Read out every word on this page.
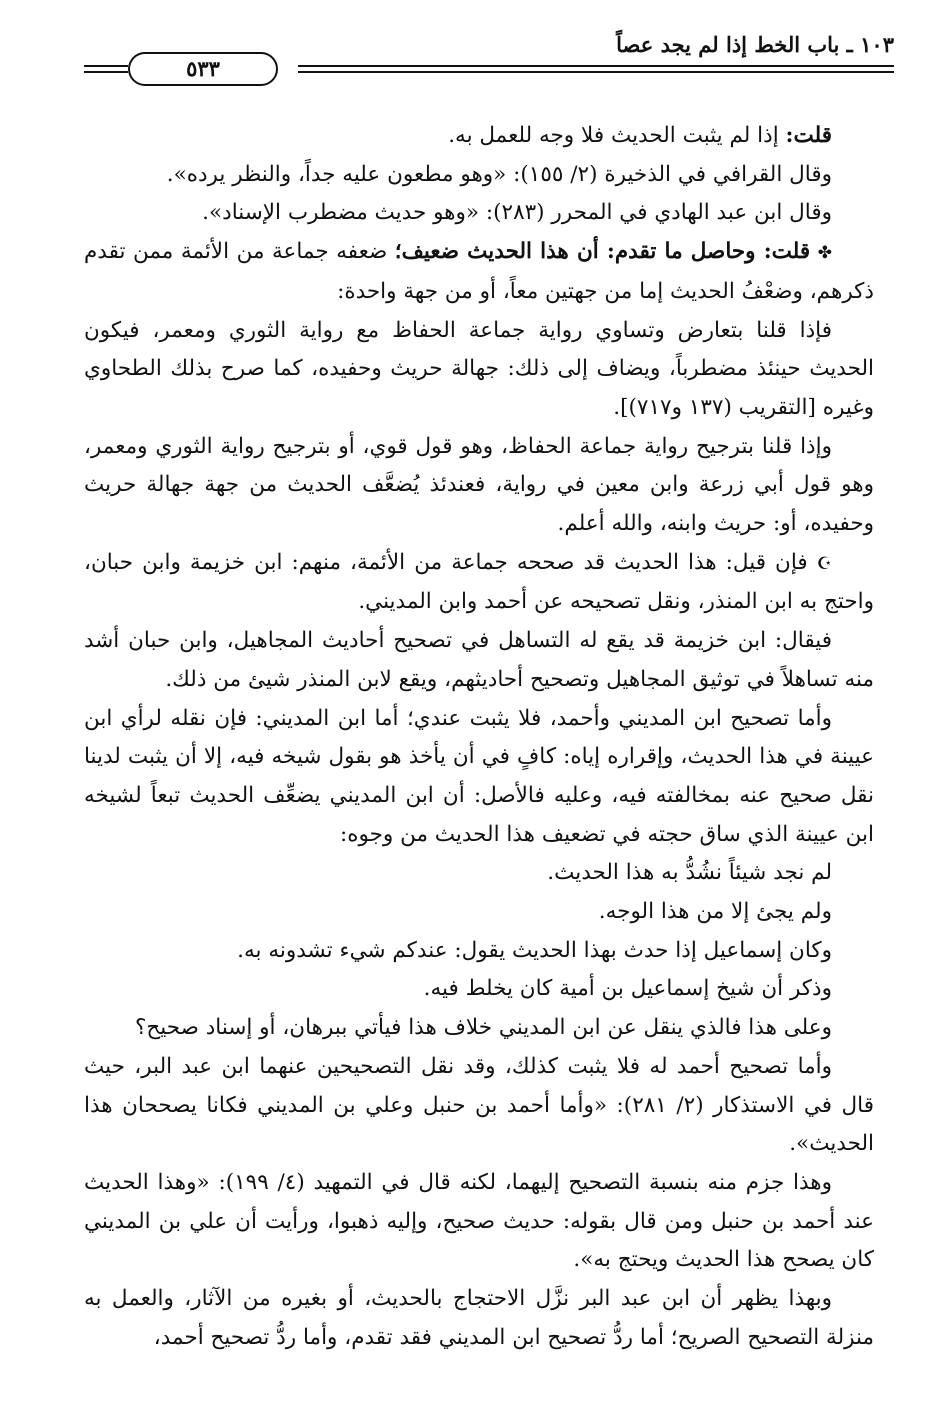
١٠٣ ـ باب الخط إذا لم يجد عصاً
٥٣٣

قلت: إذا لم يثبت الحديث فلا وجه للعمل به.

وقال القرافي في الذخيرة (٢/ ١٥٥): «وهو مطعون عليه جداً، والنظر يرده».

وقال ابن عبد الهادي في المحرر (٢٨٣): «وهو حديث مضطرب الإسناد».

✤ قلت: وحاصل ما تقدم: أن هذا الحديث ضعيف؛ ضعفه جماعة من الأئمة ممن تقدم ذكرهم، وضعْفُ الحديث إما من جهتين معاً، أو من جهة واحدة:

فإذا قلنا بتعارض وتساوي رواية جماعة الحفاظ مع رواية الثوري ومعمر، فيكون الحديث حينئذ مضطرباً، ويضاف إلى ذلك: جهالة حريث وحفيده، كما صرح بذلك الطحاوي وغيره [التقريب (١٣٧ و٧١٧)].

وإذا قلنا بترجيح رواية جماعة الحفاظ، وهو قول قوي، أو بترجيح رواية الثوري ومعمر، وهو قول أبي زرعة وابن معين في رواية، فعندئذ يُضعَّف الحديث من جهة جهالة حريث وحفيده، أو: حريث وابنه، والله أعلم.

☪ فإن قيل: هذا الحديث قد صححه جماعة من الأئمة، منهم: ابن خزيمة وابن حبان، واحتج به ابن المنذر، ونقل تصحيحه عن أحمد وابن المديني.

فيقال: ابن خزيمة قد يقع له التساهل في تصحيح أحاديث المجاهيل، وابن حبان أشد منه تساهلاً في توثيق المجاهيل وتصحيح أحاديثهم، ويقع لابن المنذر شيئ من ذلك.

وأما تصحيح ابن المديني وأحمد، فلا يثبت عندي؛ أما ابن المديني: فإن نقله لرأي ابن عيينة في هذا الحديث، وإقراره إياه: كافٍ في أن يأخذ هو بقول شيخه فيه، إلا أن يثبت لدينا نقل صحيح عنه بمخالفته فيه، وعليه فالأصل: أن ابن المديني يضعِّف الحديث تبعاً لشيخه ابن عيينة الذي ساق حجته في تضعيف هذا الحديث من وجوه:

لم نجد شيئاً نشُدُّ به هذا الحديث.

ولم يجئ إلا من هذا الوجه.

وكان إسماعيل إذا حدث بهذا الحديث يقول: عندكم شيء تشدونه به.

وذكر أن شيخ إسماعيل بن أمية كان يخلط فيه.

وعلى هذا فالذي ينقل عن ابن المديني خلاف هذا فيأتي ببرهان، أو إسناد صحيح؟

وأما تصحيح أحمد له فلا يثبت كذلك، وقد نقل التصحيحين عنهما ابن عبد البر، حيث قال في الاستذكار (٢/ ٢٨١): «وأما أحمد بن حنبل وعلي بن المديني فكانا يصححان هذا الحديث».

وهذا جزم منه بنسبة التصحيح إليهما، لكنه قال في التمهيد (٤/ ١٩٩): «وهذا الحديث عند أحمد بن حنبل ومن قال بقوله: حديث صحيح، وإليه ذهبوا، ورأيت أن علي بن المديني كان يصحح هذا الحديث ويحتج به».

وبهذا يظهر أن ابن عبد البر نزَّل الاحتجاج بالحديث، أو بغيره من الآثار، والعمل به منزلة التصحيح الصريح؛ أما ردُّ تصحيح ابن المديني فقد تقدم، وأما ردُّ تصحيح أحمد،
